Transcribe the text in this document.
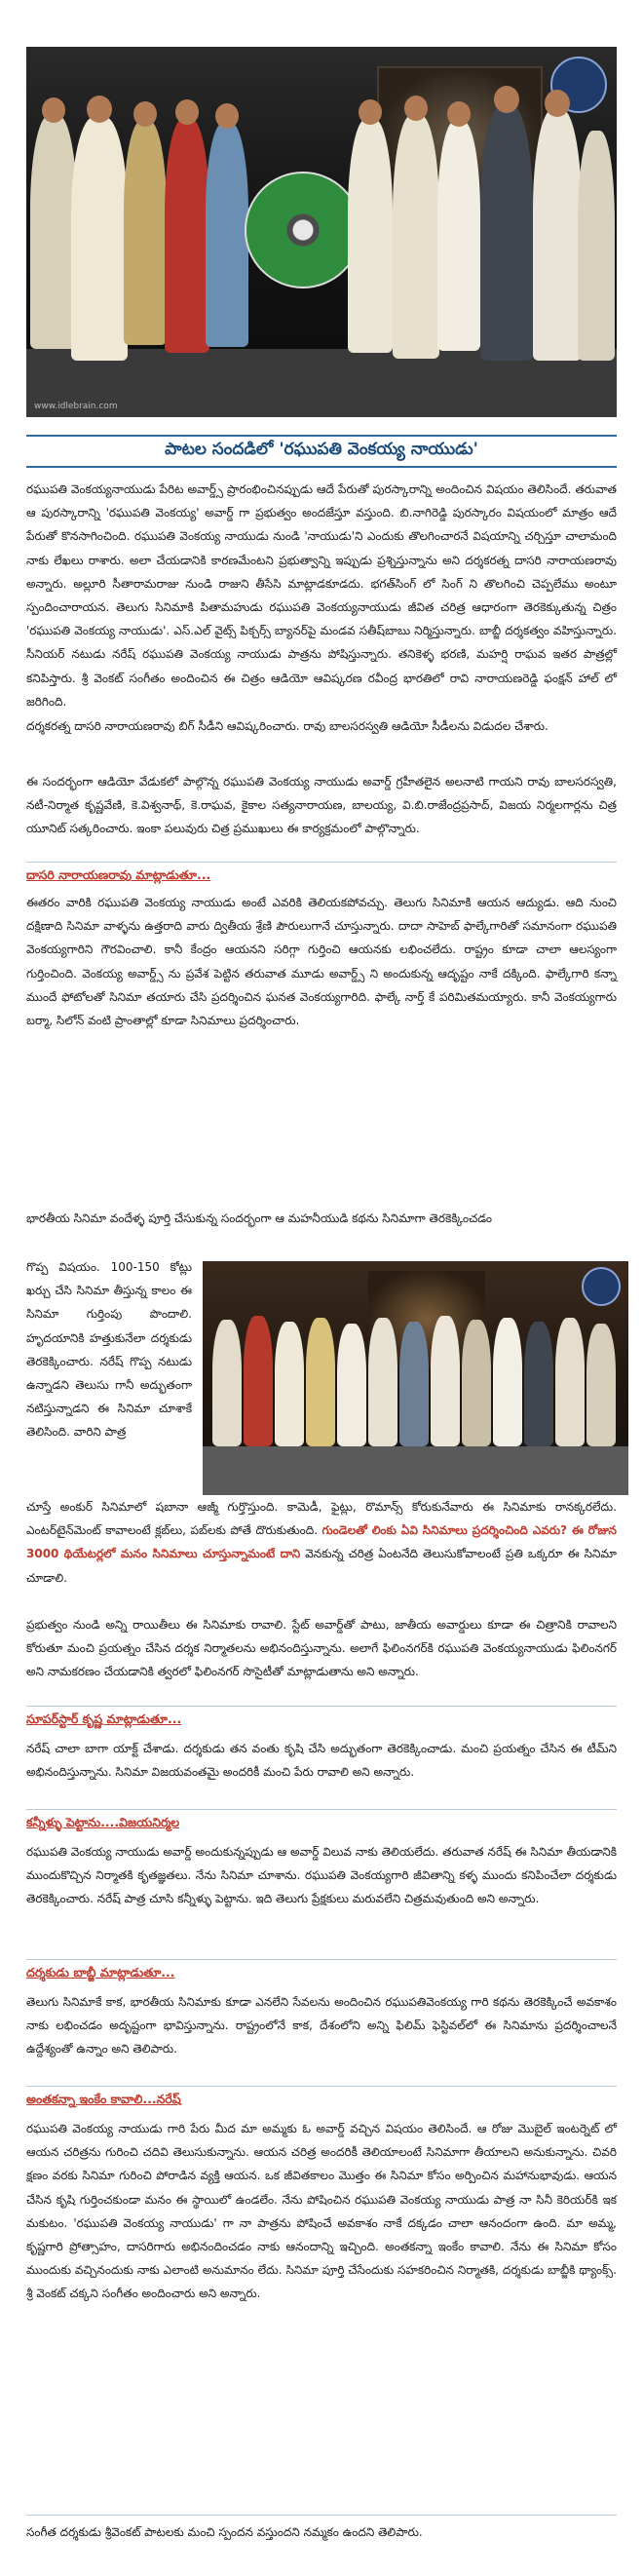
www.idlebrain.com
పాటల సందడిలో 'రఘుపతి వెంకయ్య నాయుడు'

రఘుపతి వెంకయ్యనాయుడు పేరిట అవార్డ్స్ ప్రారంభించినప్పుడు ఆదే పేరుతో పురస్కారాన్ని అందించిన విషయం తెలిసిందే. తరువాత ఆ పురస్కారాన్ని 'రఘుపతి వెంకయ్య' అవార్డ్ గా ప్రభుత్వం అందజేస్తూ వస్తుంది. బి.నాగిరెడ్డి పురస్కారం విషయంలో మాత్రం ఆదే పేరుతో కొనసాగించింది. రఘుపతి వెంకయ్య నాయుడు నుండి 'నాయుడు'ని ఎందుకు తొలగించారనే విషయాన్ని చర్చిస్తూ చాలామంది నాకు లేఖలు రాశారు. అలా చేయడానికి కారణమేంటని ప్రభుత్వాన్ని ఇప్పుడు ప్రశ్నిస్తున్నాను అని దర్శకరత్న దాసరి నారాయణరావు అన్నారు. అల్లూరి సీతారామరాజు నుండి రాజుని తీసేసి మాట్లాడకూడదు. భగత్‌సింగ్ లో సింగ్ ని తొలగించి చెప్పలేము అంటూ స్పందించారాయన. తెలుగు సినిమాకి పితామహుడు రఘుపతి వెంకయ్యనాయుడు జీవిత చరిత్ర ఆధారంగా తెరకెక్కుతున్న చిత్రం 'రఘుపతి వెంకయ్య నాయుడు'. ఎస్.ఎల్ వైట్స్ పిక్చర్స్ బ్యానర్‌పై మండవ సతీష్‌బాబు నిర్మిస్తున్నారు. బాబ్జీ దర్శకత్వం వహిస్తున్నారు. సీనియర్ నటుడు నరేష్ రఘుపతి వెంకయ్య నాయుడు పాత్రను పోషిస్తున్నారు. తనికెళ్ళ భరణి, మహర్షి రాఘవ ఇతర పాత్రల్లో కనిపిస్తారు. శ్రీ వెంకట్ సంగీతం అందించిన ఈ చిత్రం ఆడియో ఆవిష్కరణ రవీంద్ర భారతిలో రావి నారాయణరెడ్డి ఫంక్షన్ హాల్ లో జరిగింది.

దర్శకరత్న దాసరి నారాయణరావు బిగ్ సీడీని ఆవిష్కరించారు. రావు బాలసరస్వతి ఆడియో సీడీలను విడుదల చేశారు.

ఈ సందర్భంగా ఆడియో వేడుకలో పాల్గొన్న రఘుపతి వెంకయ్య నాయుడు అవార్డ్ గ్రహీతలైన అలనాటి గాయని రావు బాలసరస్వతి, నటీ-నిర్మాత కృష్ణవేణి, కె.విశ్వనాథ్, కె.రాఘవ, కైకాల సత్యనారాయణ, బాలయ్య, వి.బి.రాజేంద్రప్రసాద్, విజయ నిర్మలగార్లను చిత్ర యూనిట్ సత్కరించారు. ఇంకా పలువురు చిత్ర ప్రముఖులు ఈ కార్యక్రమంలో పాల్గొన్నారు.

దాసరి నారాయణరావు మాట్లాడుతూ...

ఈతరం వారికి రఘుపతి వెంకయ్య నాయుడు అంటే ఎవరికి తెలియకపోవచ్చు. తెలుగు సినిమాకి ఆయన ఆద్యుడు. ఆది నుంచి దక్షిణాది సినిమా వాళ్ళను ఉత్తరాది వారు ద్వితీయ శ్రేణి పౌరులుగానే చూస్తున్నారు. దాదా సాహెబ్ ఫాల్కేగారితో సమానంగా రఘుపతి వెంకయ్యగారిని గౌరవించాలి. కానీ కేంద్రం ఆయనని సరిగ్గా గుర్తించి ఆయనకు లభించలేదు. రాష్ట్రం కూడా చాలా ఆలస్యంగా గుర్తించింది. వెంకయ్య అవార్డ్స్ ను ప్రవేశ పెట్టిన తరువాత మూడు అవార్డ్స్ ని అందుకున్న ఆదృష్టం నాకే దక్కింది. ఫాల్కేగారి కన్నా ముందే ఫోటోలతో సినిమా తయారు చేసి ప్రదర్శించిన ఘనత వెంకయ్యగారిది. ఫాల్కే నార్త్ కే పరిమితమయ్యారు. కానీ వెంకయ్యగారు బర్మా, సిలోన్ వంటి ప్రాంతాల్లో కూడా సినిమాలు ప్రదర్శించారు.

భారతీయ సినిమా వందేళ్ళ పూర్తి చేసుకున్న సందర్భంగా ఆ మహనీయుడి కథను సినిమాగా తెరకెక్కించడం

గొప్ప విషయం. 100-150 కోట్లు ఖర్చు చేసి సినిమా తీస్తున్న కాలం ఈ సినిమా గుర్తింపు పొందాలి. హృదయానికి హత్తుకునేలా దర్శకుడు తెరకెక్కించారు. నరేష్ గొప్ప నటుడు ఉన్నాడని తెలుసు గానీ అద్భుతంగా నటిస్తున్నాడని ఈ సినిమా చూశాకే తెలిసింది. వారిని పాత్ర

చూస్తే అంకుర్ సినిమాలో షబానా ఆజ్మీ గుర్తొస్తుంది. కామెడీ, ఫైట్లు, రొమాన్స్ కోరుకునేవారు ఈ సినిమాకు రానక్కరలేదు. ఎంటర్‌టైన్‌మెంట్ కావాలంటే క్లబ్‌లు, పబ్‌లకు పోతే దొరుకుతుంది. గుండెలతో లింకు ఏవి సినిమాలు ప్రదర్శించింది ఎవరు? ఈ రోజున 3000 థియేటర్లలో మనం సినిమాలు చూస్తున్నామంటే దాని వెనకున్న చరిత్ర ఏంటనేది తెలుసుకోవాలంటే ప్రతి ఒక్కరూ ఈ సినిమా చూడాలి.

ప్రభుత్వం నుండి అన్ని రాయితీలు ఈ సినిమాకు రావాలి. స్టేట్ అవార్డ్‌తో పాటు, జాతీయ అవార్డులు కూడా ఈ చిత్రానికి రావాలని కోరుతూ మంచి ప్రయత్నం చేసిన దర్శక నిర్మాతలను అభినందిస్తున్నాను. అలాగే ఫిలింనగర్‌కి రఘుపతి వెంకయ్యనాయుడు ఫిలింనగర్ అని నామకరణం చేయడానికి త్వరలో ఫిలింనగర్ సొసైటీతో మాట్లాడుతాను అని అన్నారు.

సూపర్‌స్టార్ కృష్ణ మాట్లాడుతూ...

నరేష్ చాలా బాగా యాక్ట్ చేశాడు. దర్శకుడు తన వంతు కృషి చేసి అద్భుతంగా తెరకెక్కించాడు. మంచి ప్రయత్నం చేసిన ఈ టీమ్‌ని అభినందిస్తున్నాను. సినిమా విజయవంతమై అందరికీ మంచి పేరు రావాలి అని అన్నారు.

కన్నీళ్ళు పెట్టాను....విజయనిర్మల

రఘుపతి వెంకయ్య నాయుడు అవార్డ్ అందుకున్నప్పుడు ఆ అవార్డ్ విలువ నాకు తెలియలేదు. తరువాత నరేష్ ఈ సినిమా తీయడానికి ముందుకొచ్చిన నిర్మాతకి కృతజ్ఞతలు. నేను సినిమా చూశాను. రఘుపతి వెంకయ్యగారి జీవితాన్ని కళ్ళ ముందు కనిపించేలా దర్శకుడు తెరకెక్కించారు. నరేష్ పాత్ర చూసి కన్నీళ్ళు పెట్టాను. ఇది తెలుగు ప్రేక్షకులు మరువలేని చిత్రమవుతుంది అని అన్నారు.

దర్శకుడు బాబ్జీ మాట్లాడుతూ...

తెలుగు సినిమాకే కాక, భారతీయ సినిమాకు కూడా ఎనలేని సేవలను అందించిన రఘుపతివెంకయ్య గారి కథను తెరకెక్కించే అవకాశం నాకు లభించడం అదృష్టంగా భావిస్తున్నాను. రాష్ట్రంలోనే కాక, దేశంలోని అన్ని ఫిలిమ్ ఫెస్టివల్‌లో ఈ సినిమాను ప్రదర్శించాలనే ఉద్దేశ్యంతో ఉన్నాం అని తెలిపారు.

అంతకన్నా ఇంకేం కావాలి...నరేష్

రఘుపతి వెంకయ్య నాయుడు గారి పేరు మీద మా అమ్మకు ఓ అవార్డ్ వచ్చిన విషయం తెలిసిందే. ఆ రోజు మొబైల్ ఇంటర్నెట్ లో ఆయన చరిత్రను గురించి చదివి తెలుసుకున్నాను. ఆయన చరిత్ర అందరికీ తెలియాలంటే సినిమాగా తీయాలని అనుకున్నాను. చివరి క్షణం వరకు సినిమా గురించి పోరాడిన వ్యక్తి ఆయన. ఒక జీవితకాలం మొత్తం ఈ సినిమా కోసం అర్పించిన మహానుభావుడు. ఆయన చేసిన కృషి గుర్తించకుండా మనం ఈ స్థాయిలో ఉండలేం. నేను పోషించిన రఘుపతి వెంకయ్య నాయుడు పాత్ర నా సినీ కెరియర్‌కి ఇక మకుటం. 'రఘుపతి వెంకయ్య నాయుడు' గా నా పాత్రను పోషించే అవకాశం నాకే దక్కడం చాలా ఆనందంగా ఉంది. మా అమ్మ, కృష్ణగారి ప్రోత్సాహం, దాసరిగారు అభినందించడం నాకు ఆనందాన్ని ఇచ్చింది. అంతకన్నా ఇంకేం కావాలి. నేను ఈ సినిమా కోసం ముందుకు వచ్చినందుకు నాకు ఎలాంటి అనుమానం లేదు. సినిమా పూర్తి చేసేందుకు సహకరించిన నిర్మాతకి, దర్శకుడు బాబ్జీకి థ్యాంక్స్. శ్రీ వెంకట్ చక్కని సంగీతం అందించారు అని అన్నారు.

సంగీత దర్శకుడు శ్రీవెంకట్ పాటలకు మంచి స్పందన వస్తుందని నమ్మకం ఉందని తెలిపారు.
